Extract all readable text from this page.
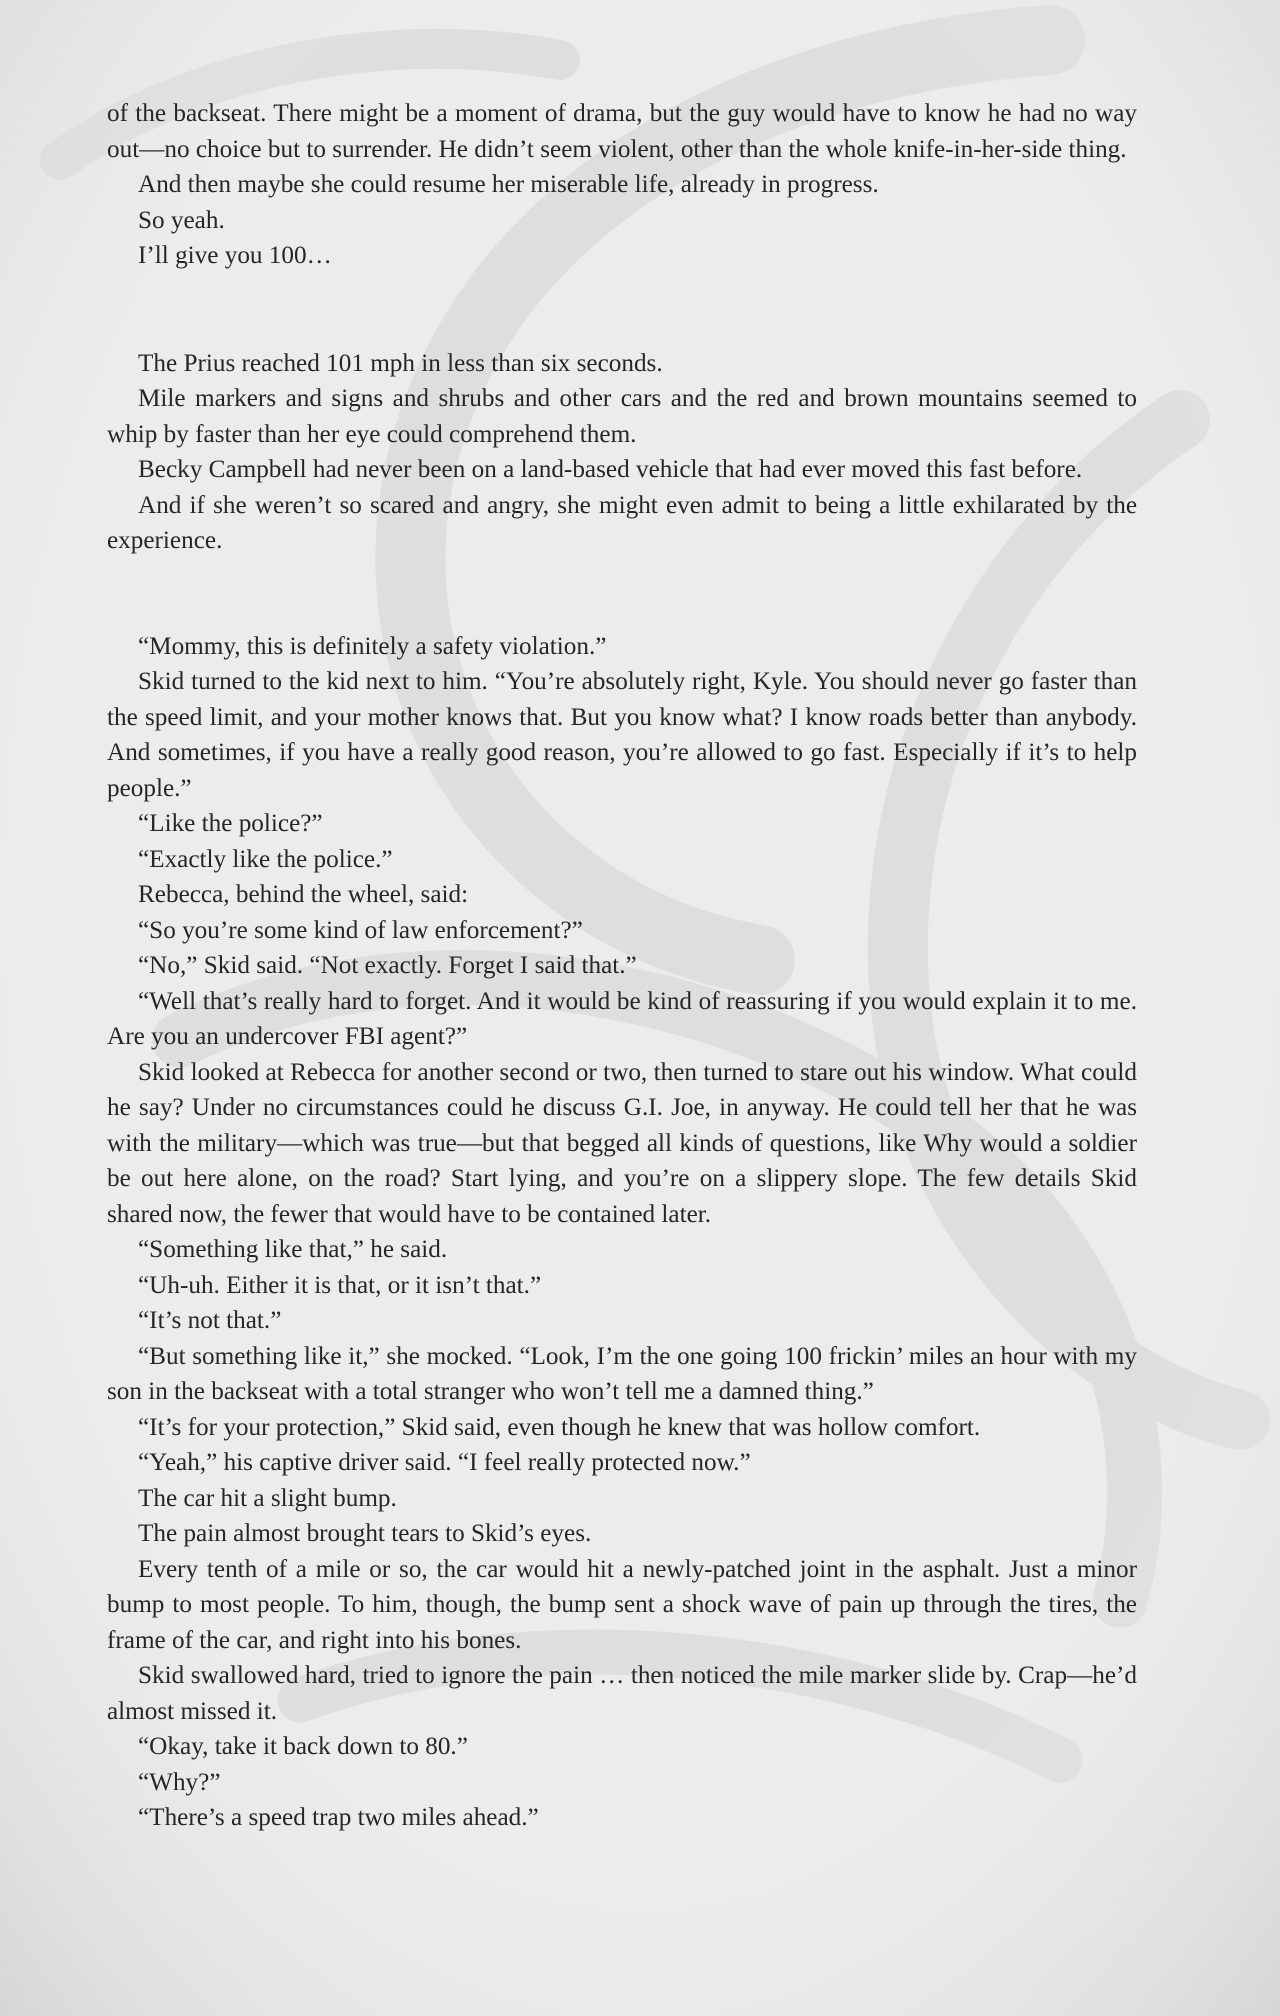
of the backseat. There might be a moment of drama, but the guy would have to know he had no way out—no choice but to surrender. He didn’t seem violent, other than the whole knife-in-her-side thing.

And then maybe she could resume her miserable life, already in progress.

So yeah.

I’ll give you 100…

The Prius reached 101 mph in less than six seconds.

Mile markers and signs and shrubs and other cars and the red and brown mountains seemed to whip by faster than her eye could comprehend them.

Becky Campbell had never been on a land-based vehicle that had ever moved this fast before.

And if she weren’t so scared and angry, she might even admit to being a little exhilarated by the experience.

“Mommy, this is definitely a safety violation.”

Skid turned to the kid next to him. “You’re absolutely right, Kyle. You should never go faster than the speed limit, and your mother knows that. But you know what? I know roads better than anybody. And sometimes, if you have a really good reason, you’re allowed to go fast. Especially if it’s to help people.”

“Like the police?”

“Exactly like the police.”

Rebecca, behind the wheel, said:

“So you’re some kind of law enforcement?”

“No,” Skid said. “Not exactly. Forget I said that.”

“Well that’s really hard to forget. And it would be kind of reassuring if you would explain it to me. Are you an undercover FBI agent?”

Skid looked at Rebecca for another second or two, then turned to stare out his window. What could he say? Under no circumstances could he discuss G.I. Joe, in anyway. He could tell her that he was with the military—which was true—but that begged all kinds of questions, like Why would a soldier be out here alone, on the road? Start lying, and you’re on a slippery slope. The few details Skid shared now, the fewer that would have to be contained later.

“Something like that,” he said.

“Uh-uh. Either it is that, or it isn’t that.”

“It’s not that.”

“But something like it,” she mocked. “Look, I’m the one going 100 frickin’ miles an hour with my son in the backseat with a total stranger who won’t tell me a damned thing.”

“It’s for your protection,” Skid said, even though he knew that was hollow comfort.

“Yeah,” his captive driver said. “I feel really protected now.”

The car hit a slight bump.

The pain almost brought tears to Skid’s eyes.

Every tenth of a mile or so, the car would hit a newly-patched joint in the asphalt. Just a minor bump to most people. To him, though, the bump sent a shock wave of pain up through the tires, the frame of the car, and right into his bones.

Skid swallowed hard, tried to ignore the pain … then noticed the mile marker slide by. Crap—he’d almost missed it.

“Okay, take it back down to 80.”

“Why?”

“There’s a speed trap two miles ahead.”
